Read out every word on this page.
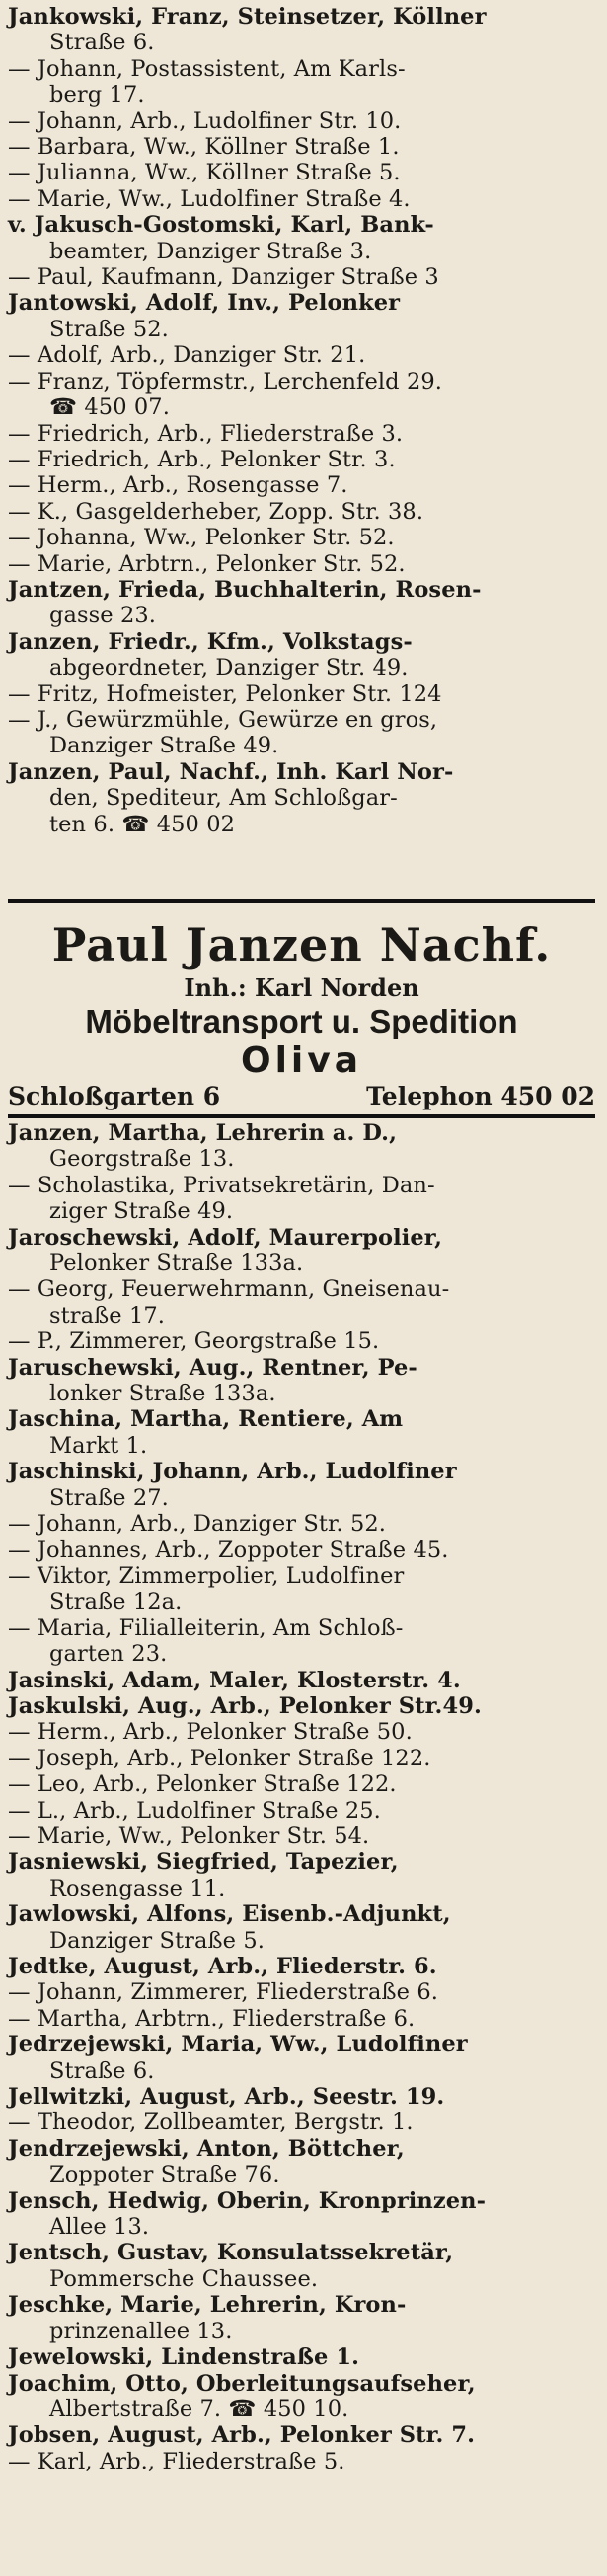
Jankowski, Franz, Steinsetzer, Köllner
Straße 6.
— Johann, Postassistent, Am Karls-
berg 17.
— Johann, Arb., Ludolfiner Str. 10.
— Barbara, Ww., Köllner Straße 1.
— Julianna, Ww., Köllner Straße 5.
— Marie, Ww., Ludolfiner Straße 4.
v. Jakusch-Gostomski, Karl, Bank-
beamter, Danziger Straße 3.
— Paul, Kaufmann, Danziger Straße 3
Jantowski, Adolf, Inv., Pelonker
Straße 52.
— Adolf, Arb., Danziger Str. 21.
— Franz, Töpfermstr., Lerchenfeld 29.
☎ 450 07.
— Friedrich, Arb., Fliederstraße 3.
— Friedrich, Arb., Pelonker Str. 3.
— Herm., Arb., Rosengasse 7.
— K., Gasgelderheber, Zopp. Str. 38.
— Johanna, Ww., Pelonker Str. 52.
— Marie, Arbtrn., Pelonker Str. 52.
Jantzen, Frieda, Buchhalterin, Rosen-
gasse 23.
Janzen, Friedr., Kfm., Volkstags-
abgeordneter, Danziger Str. 49.
— Fritz, Hofmeister, Pelonker Str. 124
— J., Gewürzmühle, Gewürze en gros,
Danziger Straße 49.
Janzen, Paul, Nachf., Inh. Karl Nor-
den, Spediteur, Am Schloßgar-
ten 6. ☎ 450 02
Paul Janzen Nachf.
Inh.: Karl Norden
Möbeltransport u. Spedition
Oliva
Schloßgarten 6	Telephon 450 02
Janzen, Martha, Lehrerin a. D.,
Georgstraße 13.
— Scholastika, Privatsekretärin, Dan-
ziger Straße 49.
Jaroschewski, Adolf, Maurerpolier,
Pelonker Straße 133a.
— Georg, Feuerwehrmann, Gneisenau-
straße 17.
— P., Zimmerer, Georgstraße 15.
Jaruschewski, Aug., Rentner, Pe-
lonker Straße 133a.
Jaschina, Martha, Rentiere, Am
Markt 1.
Jaschinski, Johann, Arb., Ludolfiner
Straße 27.
— Johann, Arb., Danziger Str. 52.
— Johannes, Arb., Zoppoter Straße 45.
— Viktor, Zimmerpolier, Ludolfiner
Straße 12a.
— Maria, Filialleiterin, Am Schloß-
garten 23.
Jasinski, Adam, Maler, Klosterstr. 4.
Jaskulski, Aug., Arb., Pelonker Str.49.
— Herm., Arb., Pelonker Straße 50.
— Joseph, Arb., Pelonker Straße 122.
— Leo, Arb., Pelonker Straße 122.
— L., Arb., Ludolfiner Straße 25.
— Marie, Ww., Pelonker Str. 54.
Jasniewski, Siegfried, Tapezier,
Rosengasse 11.
Jawlowski, Alfons, Eisenb.-Adjunkt,
Danziger Straße 5.
Jedtke, August, Arb., Fliederstr. 6.
— Johann, Zimmerer, Fliederstraße 6.
— Martha, Arbtrn., Fliederstraße 6.
Jedrzejewski, Maria, Ww., Ludolfiner
Straße 6.
Jellwitzki, August, Arb., Seestr. 19.
— Theodor, Zollbeamter, Bergstr. 1.
Jendrzejewski, Anton, Böttcher,
Zoppoter Straße 76.
Jensch, Hedwig, Oberin, Kronprinzen-
Allee 13.
Jentsch, Gustav, Konsulatssekretär,
Pommersche Chaussee.
Jeschke, Marie, Lehrerin, Kron-
prinzenallee 13.
Jewelowski, Lindenstraße 1.
Joachim, Otto, Oberleitungsaufseher,
Albertstraße 7. ☎ 450 10.
Jobsen, August, Arb., Pelonker Str. 7.
— Karl, Arb., Fliederstraße 5.
